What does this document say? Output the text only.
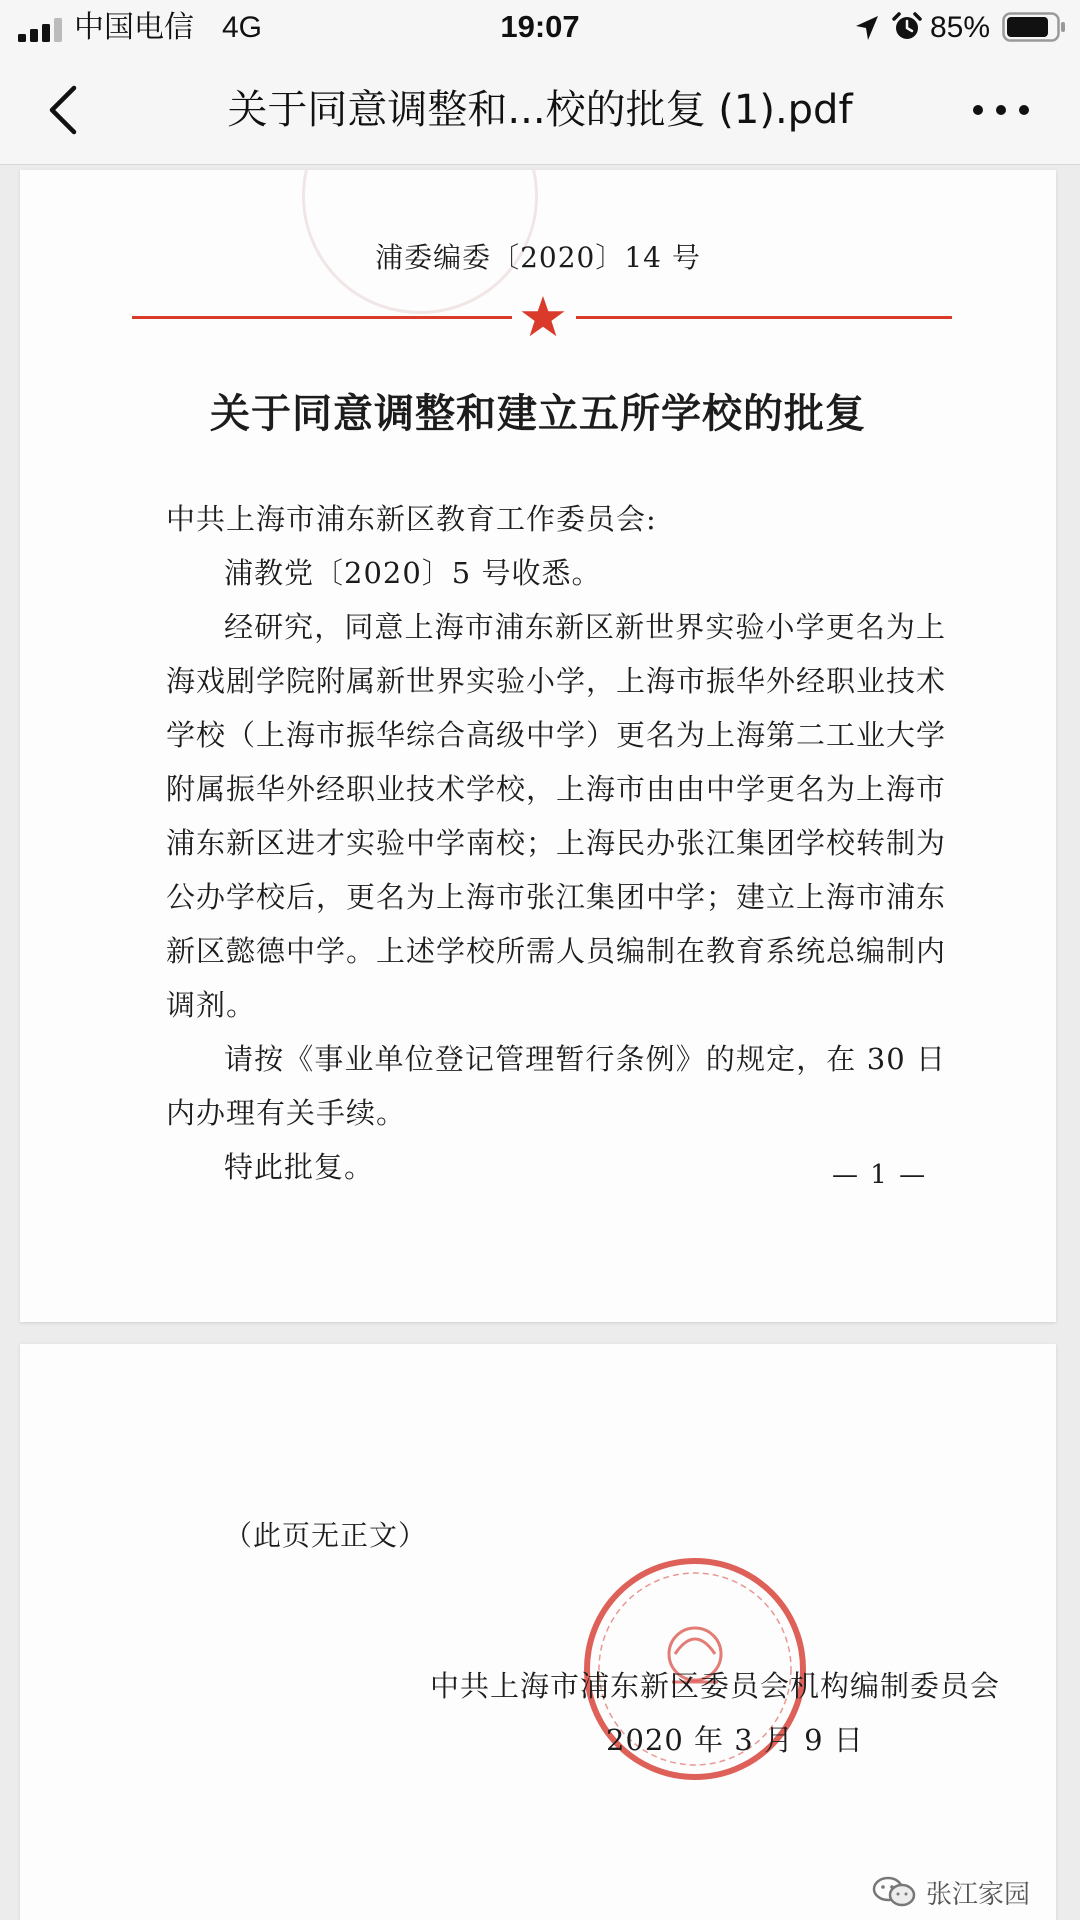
中国电信 4G	19:07	85%
关于同意调整和...校的批复 (1).pdf
浦委编委〔2020〕14 号
关于同意调整和建立五所学校的批复

中共上海市浦东新区教育工作委员会:

浦教党〔2020〕5 号收悉。

经研究，同意上海市浦东新区新世界实验小学更名为上海戏剧学院附属新世界实验小学，上海市振华外经职业技术学校（上海市振华综合高级中学）更名为上海第二工业大学附属振华外经职业技术学校，上海市由由中学更名为上海市浦东新区进才实验中学南校；上海民办张江集团学校转制为公办学校后，更名为上海市张江集团中学；建立上海市浦东新区懿德中学。上述学校所需人员编制在教育系统总编制内调剂。

请按《事业单位登记管理暂行条例》的规定，在 30 日内办理有关手续。

特此批复。	— 1 —
（此页无正文）
中共上海市浦东新区委员会机构编制委员会
2020 年 3 月 9 日
张江家园
